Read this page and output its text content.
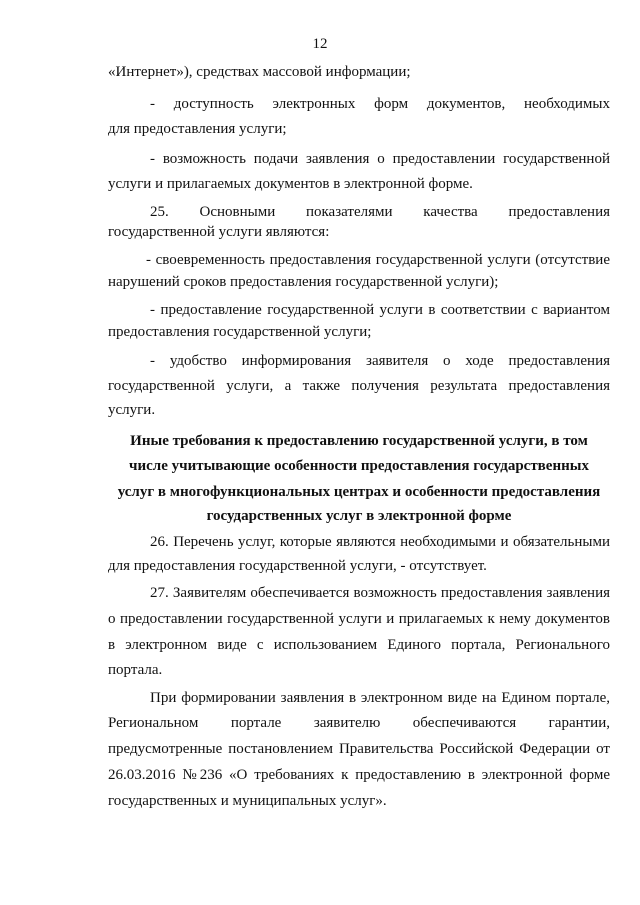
12
«Интернет»), средствах массовой информации;
- доступность электронных форм документов, необходимых
для предоставления услуги;
- возможность подачи заявления о предоставлении государственной
услуги и прилагаемых документов в электронной форме.
25. Основными показателями качества предоставления
государственной услуги являются:
- своевременность предоставления государственной услуги (отсутствие
нарушений сроков предоставления государственной услуги);
- предоставление государственной услуги в соответствии с вариантом
предоставления государственной услуги;
- удобство информирования заявителя о ходе предоставления
государственной услуги, а также получения результата предоставления
услуги.
Иные требования к предоставлению государственной услуги, в том
числе учитывающие особенности предоставления государственных
услуг в многофункциональных центрах и особенности предоставления
государственных услуг в электронной форме
26. Перечень услуг, которые являются необходимыми и обязательными
для предоставления государственной услуги, - отсутствует.
27. Заявителям обеспечивается возможность предоставления заявления
о предоставлении государственной услуги и прилагаемых к нему документов
в электронном виде с использованием Единого портала, Регионального
портала.
При формировании заявления в электронном виде на Едином портале,
Региональном портале заявителю обеспечиваются гарантии,
предусмотренные постановлением Правительства Российской Федерации от
26.03.2016 №236 «О требованиях к предоставлению в электронной форме
государственных и муниципальных услуг».
